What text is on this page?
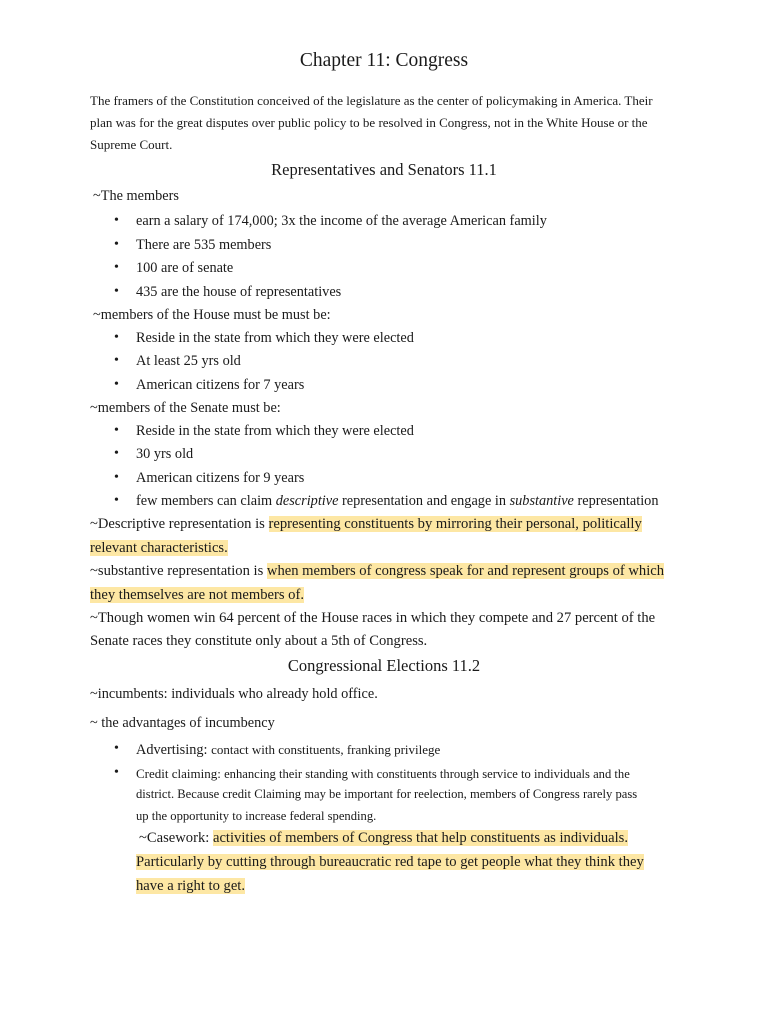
Chapter 11: Congress
The framers of the Constitution conceived of the legislature as the center of policymaking in America. Their
plan was for the great disputes over public policy to be resolved in Congress, not in the White House or the
Supreme Court.
Representatives and Senators 11.1
~The members
• earn a salary of 174,000; 3x the income of the average American family
• There are 535 members
• 100 are of senate
• 435 are the house of representatives
~members of the House must be must be:
• Reside in the state from which they were elected
• At least 25 yrs old
• American citizens for 7 years
~members of the Senate must be:
• Reside in the state from which they were elected
• 30 yrs old
• American citizens for 9 years
• few members can claim descriptive representation and engage in substantive representation
~Descriptive representation is representing constituents by mirroring their personal, politically
relevant characteristics.
~substantive representation is when members of congress speak for and represent groups of which
they themselves are not members of.
~Though women win 64 percent of the House races in which they compete and 27 percent of the
Senate races they constitute only about a 5th of Congress.
Congressional Elections 11.2
~incumbents: individuals who already hold office.
~ the advantages of incumbency
• Advertising: contact with constituents, franking privilege
• Credit claiming: enhancing their standing with constituents through service to individuals and the
district. Because credit Claiming may be important for reelection, members of Congress rarely pass
up the opportunity to increase federal spending.
~Casework: activities of members of Congress that help constituents as individuals.
Particularly by cutting through bureaucratic red tape to get people what they think they
have a right to get.
